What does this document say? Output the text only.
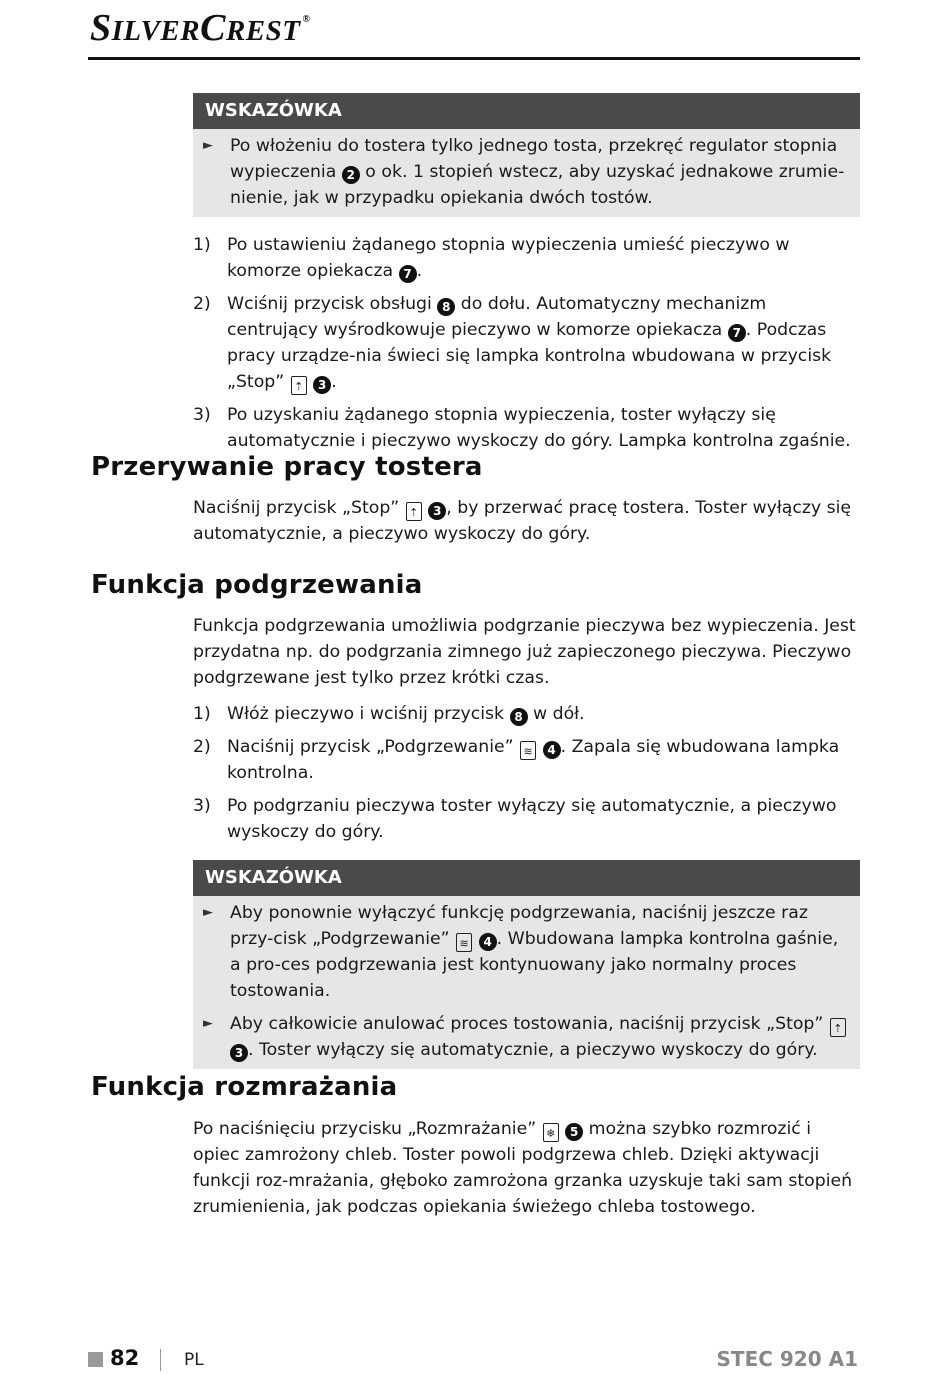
SILVERCREST ®
WSKAZÓWKA
► Po włożeniu do tostera tylko jednego tosta, przekręć regulator stopnia wypieczenia 2 o ok. 1 stopień wstecz, aby uzyskać jednakowe zrumie-nienie, jak w przypadku opiekania dwóch tostów.
1) Po ustawieniu żądanego stopnia wypieczenia umieść pieczywo w komorze opiekacza 7 .
2) Wciśnij przycisk obsługi 8 do dołu. Automatyczny mechanizm centrujący wyśrodkowuje pieczywo w komorze opiekacza 7 . Podczas pracy urządze-nia świeci się lampka kontrolna wbudowana w przycisk „Stop” ⇡ 3 .
3) Po uzyskaniu żądanego stopnia wypieczenia, toster wyłączy się automatycznie i pieczywo wyskoczy do góry. Lampka kontrolna zgaśnie.
Przerywanie pracy tostera
Naciśnij przycisk „Stop” ⇡ 3 , by przerwać pracę tostera. Toster wyłączy się automatycznie, a pieczywo wyskoczy do góry.
Funkcja podgrzewania
Funkcja podgrzewania umożliwia podgrzanie pieczywa bez wypieczenia. Jest przydatna np. do podgrzania zimnego już zapieczonego pieczywa. Pieczywo podgrzewane jest tylko przez krótki czas.
1) Włóż pieczywo i wciśnij przycisk 8 w dół.
2) Naciśnij przycisk „Podgrzewanie” ≋ 4 . Zapala się wbudowana lampka kontrolna.
3) Po podgrzaniu pieczywa toster wyłączy się automatycznie, a pieczywo wyskoczy do góry.
WSKAZÓWKA
► Aby ponownie wyłączyć funkcję podgrzewania, naciśnij jeszcze raz przy-cisk „Podgrzewanie” ≋ 4 . Wbudowana lampka kontrolna gaśnie, a pro-ces podgrzewania jest kontynuowany jako normalny proces tostowania.
► Aby całkowicie anulować proces tostowania, naciśnij przycisk „Stop” ⇡ 3 . Toster wyłączy się automatycznie, a pieczywo wyskoczy do góry.
Funkcja rozmrażania
Po naciśnięciu przycisku „Rozmrażanie” ❄ 5 można szybko rozmrozić i opiec zamrożony chleb. Toster powoli podgrzewa chleb. Dzięki aktywacji funkcji roz-mrażania, głęboko zamrożona grzanka uzyskuje taki sam stopień zrumienienia, jak podczas opiekania świeżego chleba tostowego.
82	PL	STEC 920 A1
